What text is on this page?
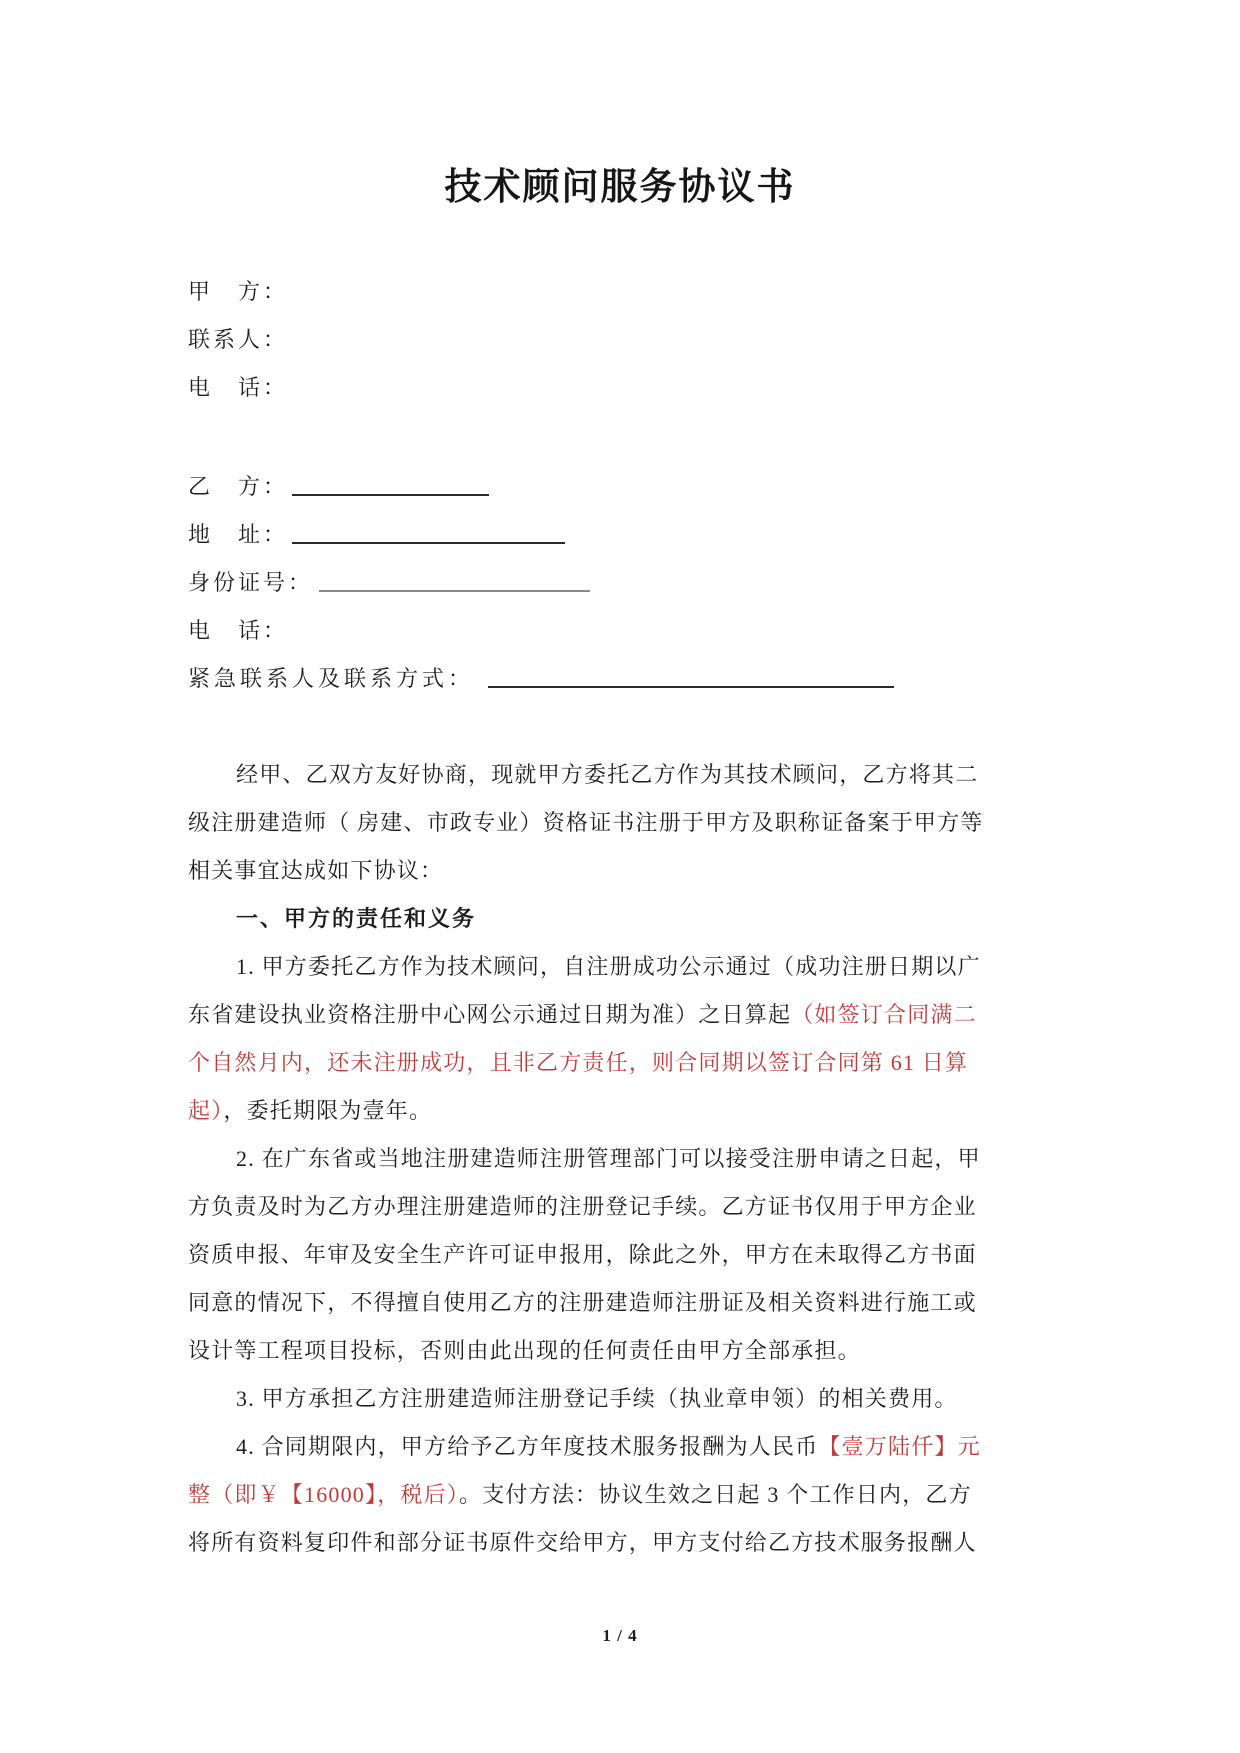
技术顾问服务协议书
甲　方：
联系人：
电　话：
乙　方：
地　址：
身份证号：
电　话：
紧急联系人及联系方式：
经甲、乙双方友好协商，现就甲方委托乙方作为其技术顾问，乙方将其二
级注册建造师（ 房建、市政专业）资格证书注册于甲方及职称证备案于甲方等
相关事宜达成如下协议：
一、甲方的责任和义务
1. 甲方委托乙方作为技术顾问，自注册成功公示通过（成功注册日期以广
东省建设执业资格注册中心网公示通过日期为准）之日算起（如签订合同满二
个自然月内，还未注册成功，且非乙方责任，则合同期以签订合同第 61 日算
起），委托期限为壹年。
2. 在广东省或当地注册建造师注册管理部门可以接受注册申请之日起，甲
方负责及时为乙方办理注册建造师的注册登记手续。乙方证书仅用于甲方企业
资质申报、年审及安全生产许可证申报用，除此之外，甲方在未取得乙方书面
同意的情况下，不得擅自使用乙方的注册建造师注册证及相关资料进行施工或
设计等工程项目投标，否则由此出现的任何责任由甲方全部承担。
3. 甲方承担乙方注册建造师注册登记手续（执业章申领）的相关费用。
4. 合同期限内，甲方给予乙方年度技术服务报酬为人民币【壹万陆仟】元
整（即￥【16000】，税后）。支付方法：协议生效之日起 3 个工作日内，乙方
将所有资料复印件和部分证书原件交给甲方，甲方支付给乙方技术服务报酬人
1 / 4
